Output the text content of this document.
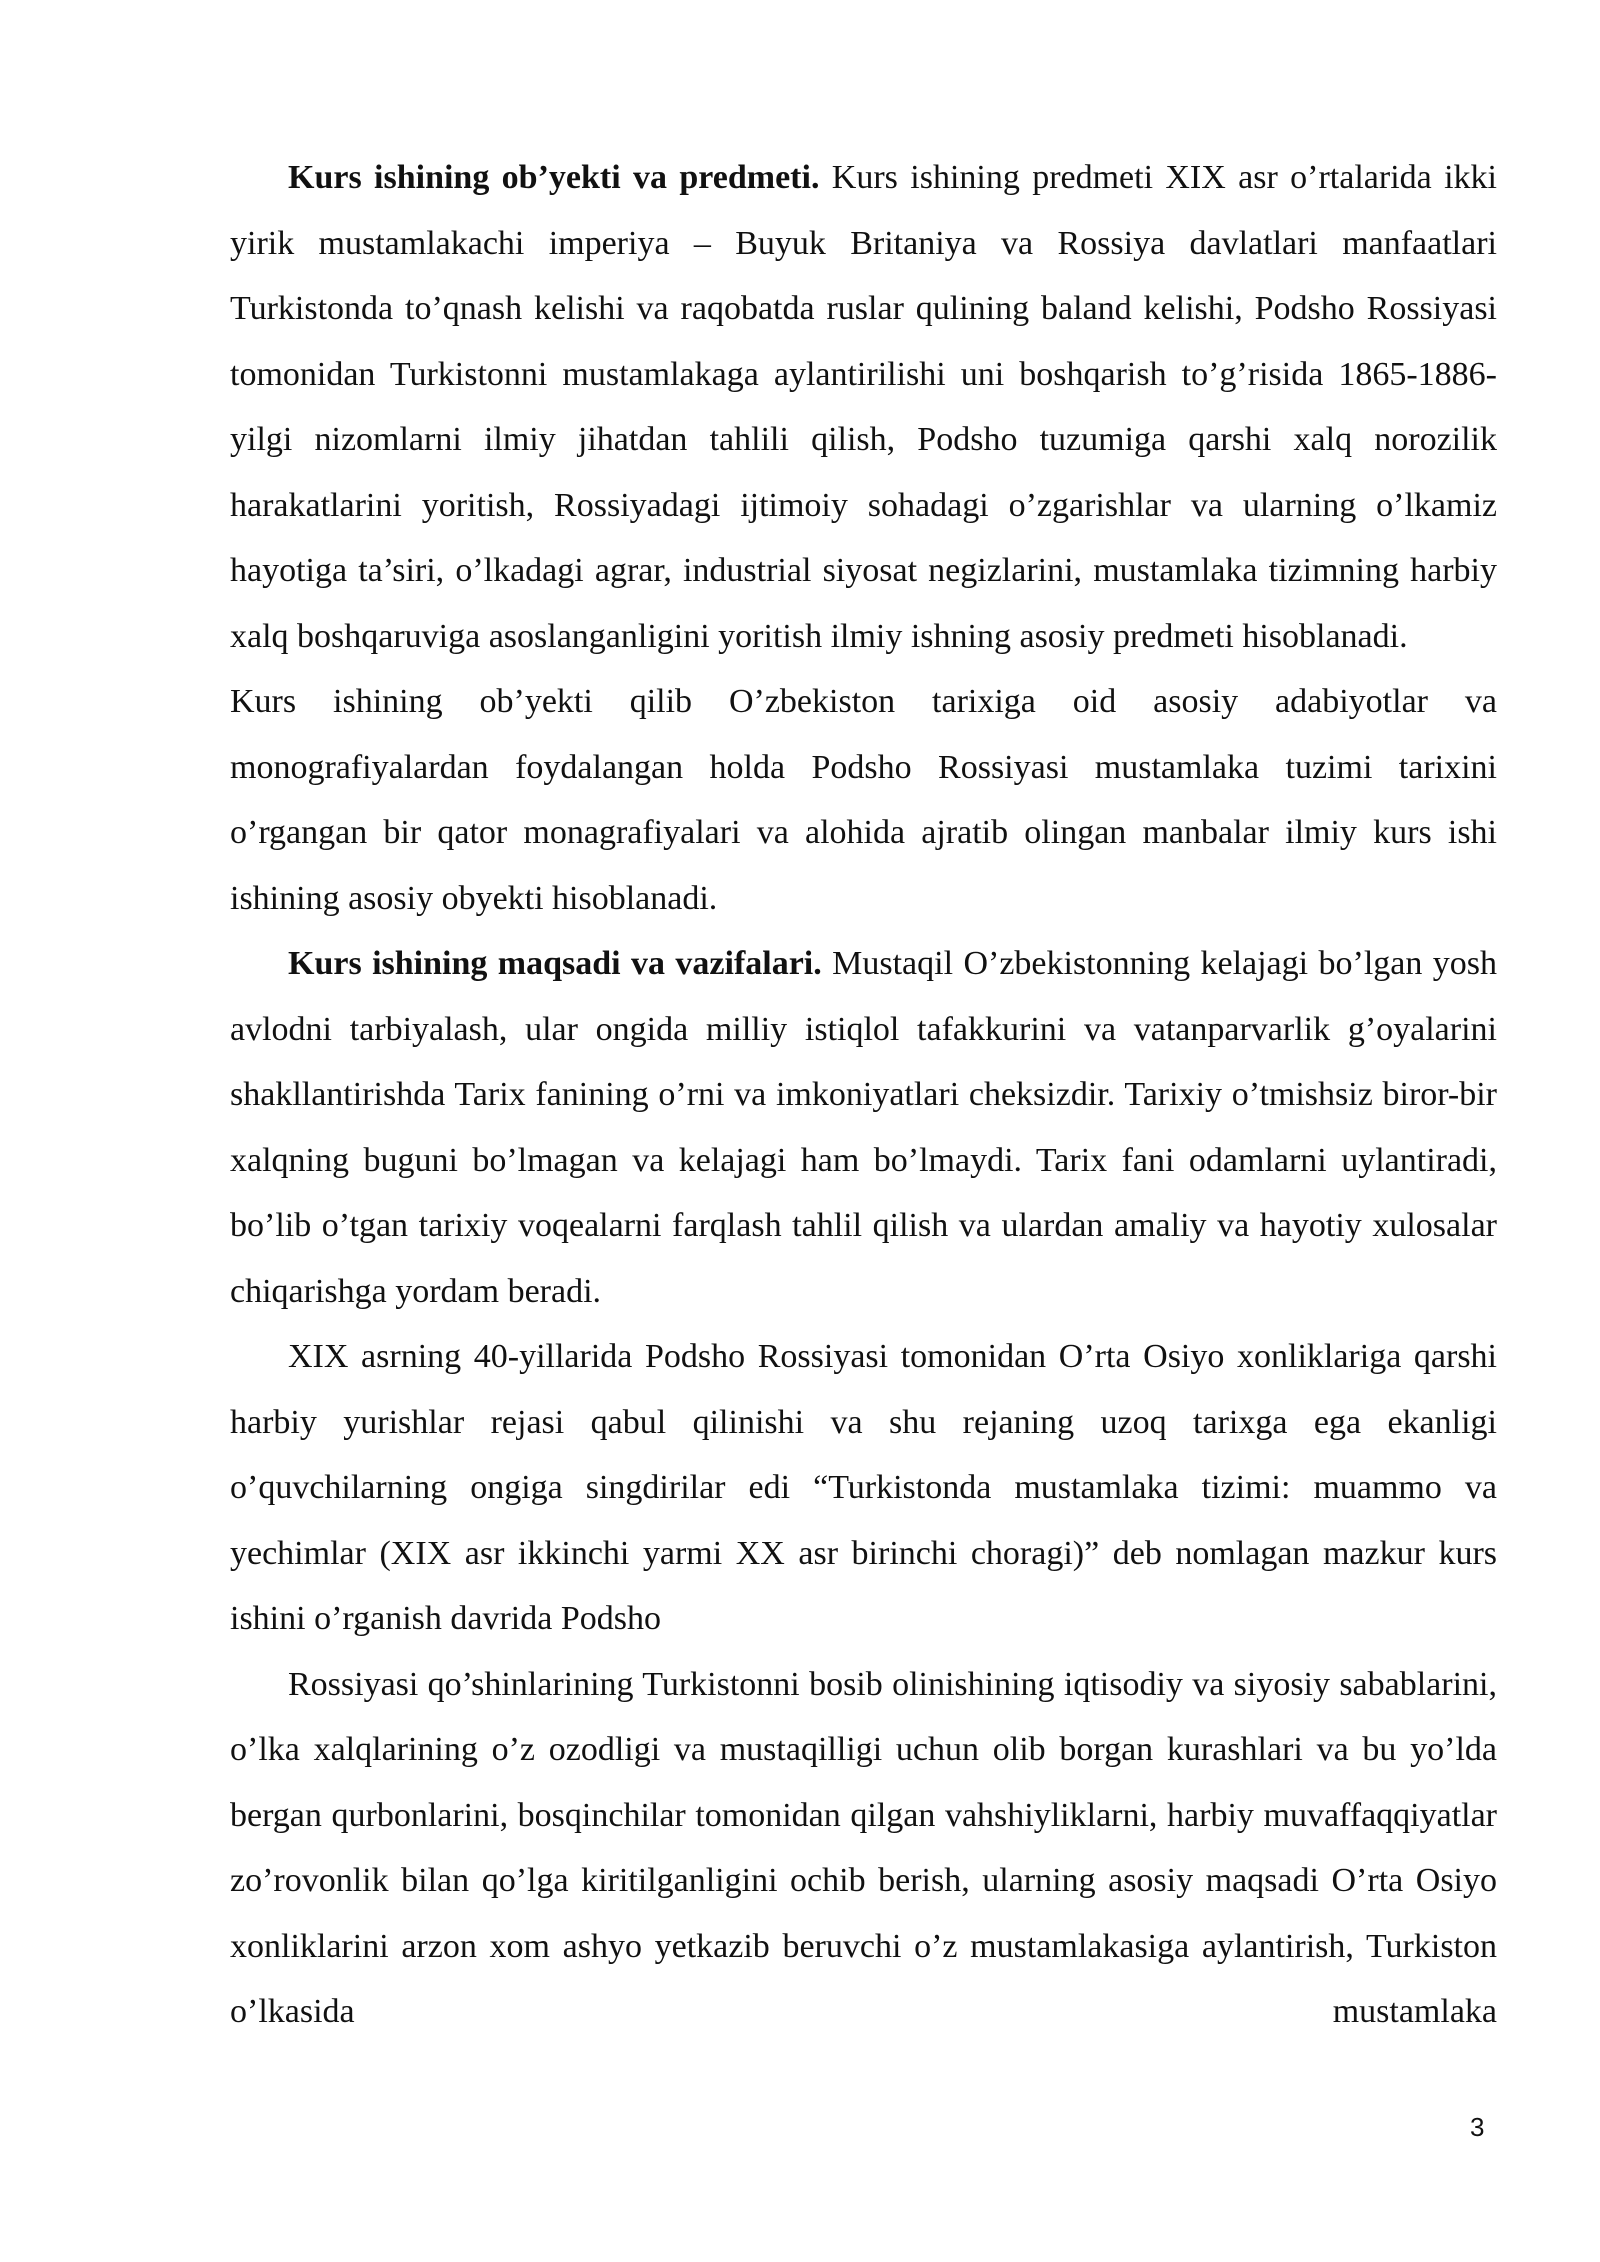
Kurs ishining ob’yekti va predmeti. Kurs ishining predmeti XIX asr o’rtalarida ikki yirik mustamlakachi imperiya – Buyuk Britaniya va Rossiya davlatlari manfaatlari Turkistonda to’qnash kelishi va raqobatda ruslar qulining baland kelishi, Podsho Rossiyasi tomonidan Turkistonni mustamlakaga aylantirilishi uni boshqarish to’g’risida 1865-1886-yilgi nizomlarni ilmiy jihatdan tahlili qilish, Podsho tuzumiga qarshi xalq norozilik harakatlarini yoritish, Rossiyadagi ijtimoiy sohadagi o’zgarishlar va ularning o’lkamiz hayotiga ta’siri, o’lkadagi agrar, industrial siyosat negizlarini, mustamlaka tizimning harbiy xalq boshqaruviga asoslanganligini yoritish ilmiy ishning asosiy predmeti hisoblanadi.

Kurs ishining ob’yekti qilib O’zbekiston tarixiga oid asosiy adabiyotlar va monografiyalardan foydalangan holda Podsho Rossiyasi mustamlaka tuzimi tarixini o’rgangan bir qator monagrafiyalari va alohida ajratib olingan manbalar ilmiy kurs ishi ishining asosiy obyekti hisoblanadi.

Kurs ishining maqsadi va vazifalari. Mustaqil O’zbekistonning kelajagi bo’lgan yosh avlodni tarbiyalash, ular ongida milliy istiqlol tafakkurini va vatanparvarlik g’oyalarini shakllantirishda Tarix fanining o’rni va imkoniyatlari cheksizdir. Tarixiy o’tmishsiz biror-bir xalqning buguni bo’lmagan va kelajagi ham bo’lmaydi. Tarix fani odamlarni uylantiradi, bo’lib o’tgan tarixiy voqealarni farqlash tahlil qilish va ulardan amaliy va hayotiy xulosalar chiqarishga yordam beradi.

XIX asrning 40-yillarida Podsho Rossiyasi tomonidan O’rta Osiyo xonliklariga qarshi harbiy yurishlar rejasi qabul qilinishi va shu rejaning uzoq tarixga ega ekanligi o’quvchilarning ongiga singdirilar edi “Turkistonda mustamlaka tizimi: muammo va yechimlar (XIX asr ikkinchi yarmi XX asr birinchi choragi)” deb nomlagan mazkur kurs ishini o’rganish davrida Podsho

Rossiyasi qo’shinlarining Turkistonni bosib olinishining iqtisodiy va siyosiy sabablarini, o’lka xalqlarining o’z ozodligi va mustaqilligi uchun olib borgan kurashlari va bu yo’lda bergan qurbonlarini, bosqinchilar tomonidan qilgan vahshiyliklarni, harbiy muvaffaqqiyatlar zo’rovonlik bilan qo’lga kiritilganligini ochib berish, ularning asosiy maqsadi O’rta Osiyo xonliklarini arzon xom ashyo yetkazib beruvchi o’z mustamlakasiga aylantirish, Turkiston o’lkasida mustamlaka

3
